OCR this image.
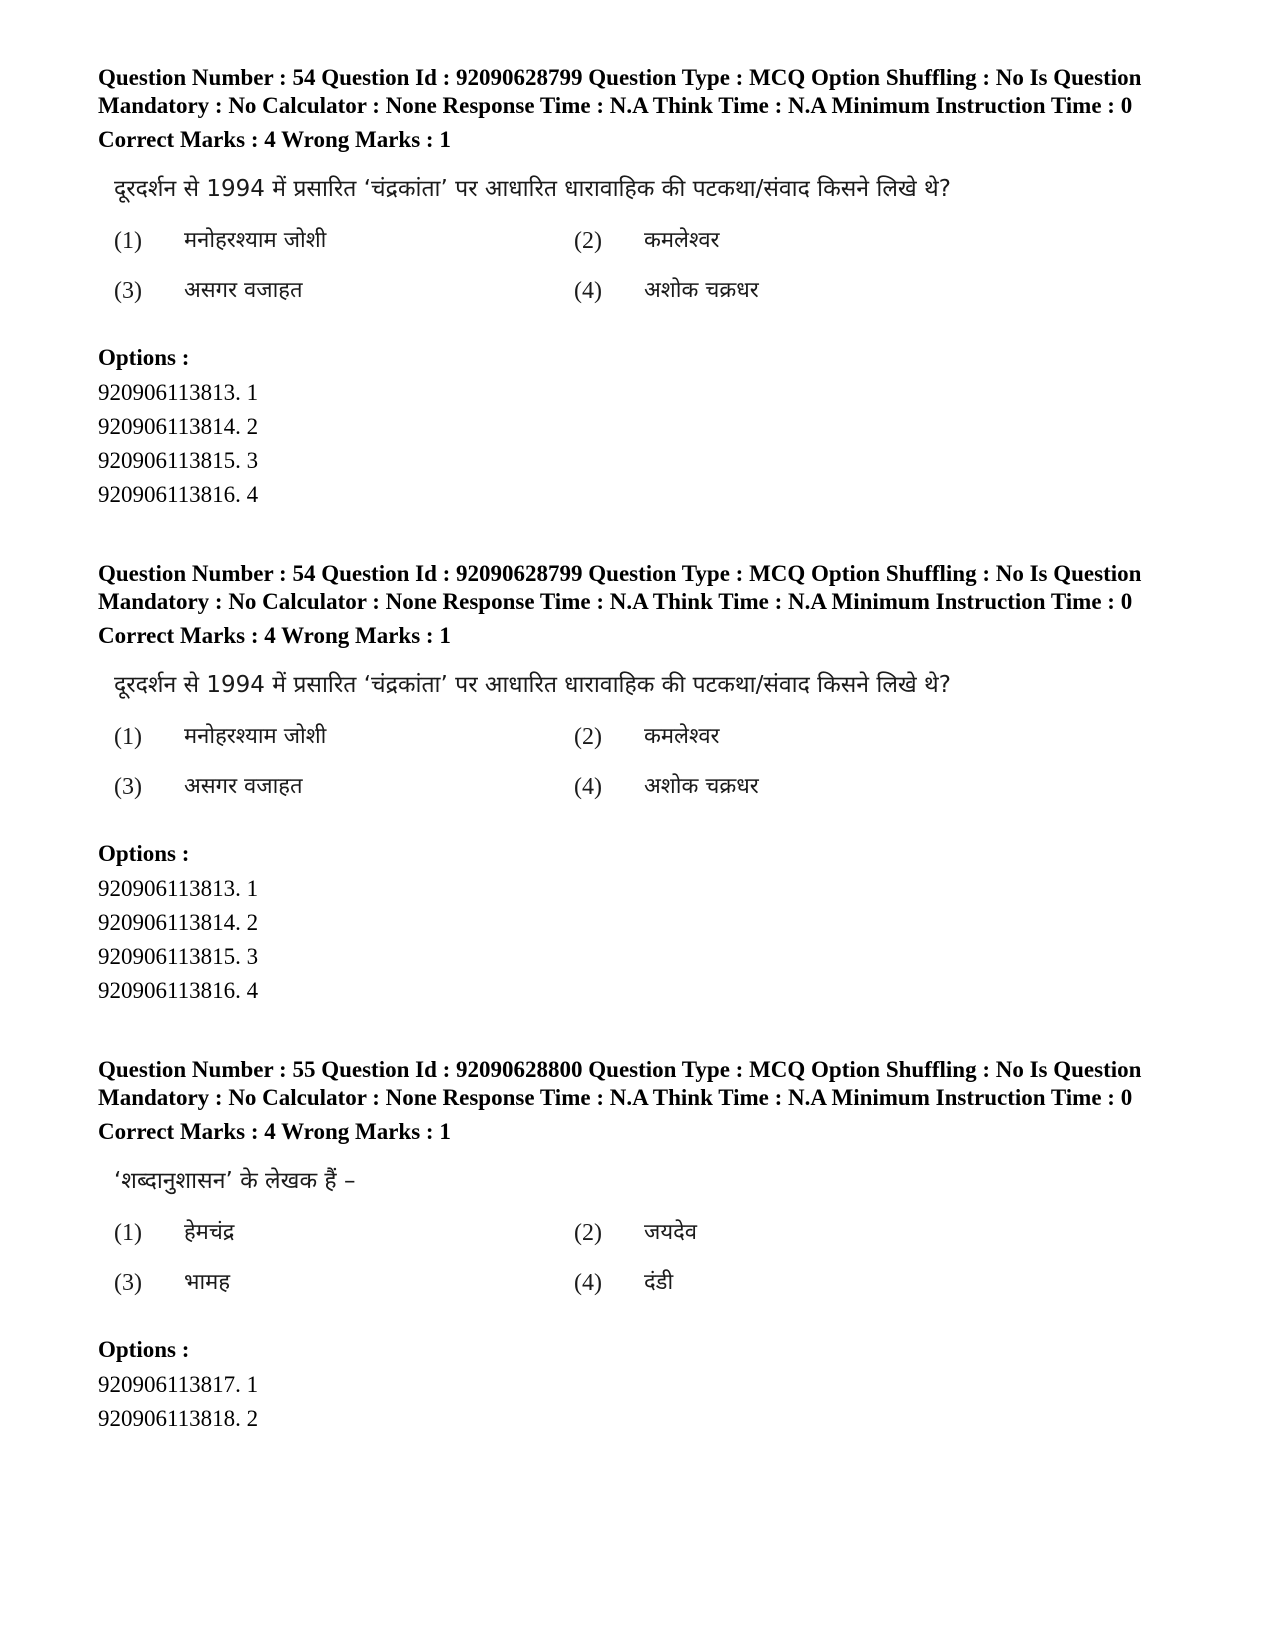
Question Number : 54 Question Id : 92090628799 Question Type : MCQ Option Shuffling : No Is Question Mandatory : No Calculator : None Response Time : N.A Think Time : N.A Minimum Instruction Time : 0

Correct Marks : 4 Wrong Marks : 1

दूरदर्शन से 1994 में प्रसारित ‘चंद्रकांता’ पर आधारित धारावाहिक की पटकथा/संवाद किसने लिखे थे?
(1)	मनोहरश्याम जोशी	(2)	कमलेश्वर
(3)	असगर वजाहत	(4)	अशोक चक्रधर

Options :

920906113813. 1

920906113814. 2

920906113815. 3

920906113816. 4

Question Number : 54 Question Id : 92090628799 Question Type : MCQ Option Shuffling : No Is Question Mandatory : No Calculator : None Response Time : N.A Think Time : N.A Minimum Instruction Time : 0

Correct Marks : 4 Wrong Marks : 1

दूरदर्शन से 1994 में प्रसारित ‘चंद्रकांता’ पर आधारित धारावाहिक की पटकथा/संवाद किसने लिखे थे?
(1)	मनोहरश्याम जोशी	(2)	कमलेश्वर
(3)	असगर वजाहत	(4)	अशोक चक्रधर

Options :

920906113813. 1

920906113814. 2

920906113815. 3

920906113816. 4

Question Number : 55 Question Id : 92090628800 Question Type : MCQ Option Shuffling : No Is Question Mandatory : No Calculator : None Response Time : N.A Think Time : N.A Minimum Instruction Time : 0

Correct Marks : 4 Wrong Marks : 1

‘शब्दानुशासन’ के लेखक हैं –
(1)	हेमचंद्र	(2)	जयदेव
(3)	भामह	(4)	दंडी

Options :

920906113817. 1

920906113818. 2
